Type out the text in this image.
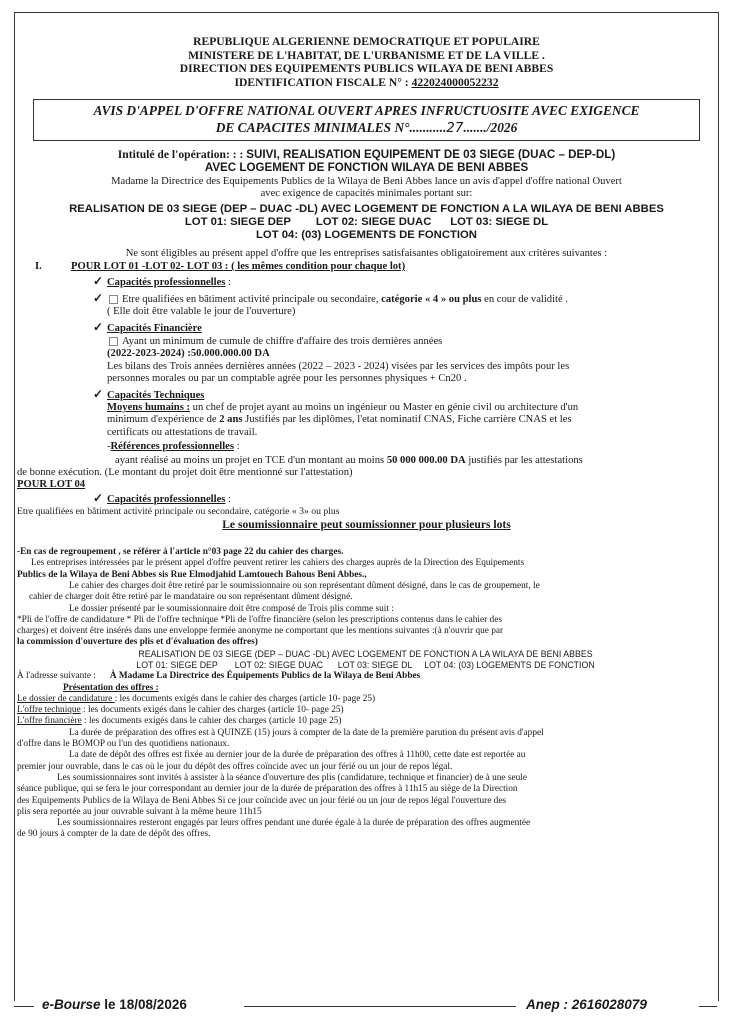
REPUBLIQUE ALGERIENNE DEMOCRATIQUE ET POPULAIRE
MINISTERE DE L'HABITAT, DE L'URBANISME ET DE LA VILLE .
DIRECTION DES EQUIPEMENTS PUBLICS WILAYA DE BENI ABBES
IDENTIFICATION FISCALE N° : 422024000052232
AVIS D'APPEL D'OFFRE NATIONAL OUVERT APRES INFRUCTUOSITE AVEC EXIGENCE
DE CAPACITES MINIMALES N°...........27......./2026
Intitulé de l'opération: : : SUIVI, REALISATION EQUIPEMENT DE 03 SIEGE (DUAC – DEP-DL)
AVEC LOGEMENT DE FONCTION WILAYA DE BENI ABBES
Madame la Directrice des Equipements Publics de la Wilaya de Beni Abbes lance un avis d'appel d'offre national Ouvert
avec exigence de capacités minimales portant sur:
REALISATION DE 03 SIEGE (DEP – DUAC -DL) AVEC LOGEMENT DE FONCTION A LA WILAYA DE BENI ABBES
LOT 01: SIEGE DEP        LOT 02: SIEGE DUAC      LOT 03: SIEGE DL
LOT 04: (03) LOGEMENTS DE FONCTION
Ne sont éligibles au présent appel d'offre que les entreprises satisfaisantes obligatoirement aux critères suivantes :
I.	POUR LOT 01 -LOT 02- LOT 03 : ( les mêmes condition pour chaque lot)
✓ Capacités professionnelles :
✓ Etre qualifiées en bâtiment activité principale ou secondaire, catégorie « 4 » ou plus en cour de validité .
( Elle doit être valable le jour de l'ouverture)
✓ Capacités Financière
Ayant un minimum de cumule de chiffre d'affaire des trois dernières années
(2022-2023-2024) :50.000.000.00 DA
Les bilans des Trois années dernières années (2022 – 2023 - 2024) visées par les services des impôts pour les
personnes morales ou par un comptable agrée pour les personnes physiques + Cn20 .
✓ Capacités Techniques
Moyens humains : un chef de projet ayant au moins un ingénieur ou Master en génie civil ou architecture d'un
minimum d'expérience de 2 ans Justifiés par les diplômes, l'etat nominatif CNAS, Fiche carrière CNAS et les
certificats ou attestations de travail.
-Références professionnelles :
ayant réalisé au moins un projet en TCE d'un montant au moins 50 000 000.00 DA justifiés par les attestations
de bonne exécution. (Le montant du projet doit être mentionné sur l'attestation)
POUR LOT 04
✓ Capacités professionnelles :
Etre qualifiées en bâtiment activité principale ou secondaire, catégorie « 3» ou plus
Le soumissionnaire peut soumissionner pour plusieurs lots
-En cas de regroupement , se référer à l'article n°03 page 22 du cahier des charges.
Les entreprises intéressées par le présent appel d'offre peuvent retirer les cahiers des charges auprès de la Direction des Equipements
Publics de la Wilaya de Beni Abbes sis Rue Elmodjahid Lamtouech Bahous Beni Abbes.,
Le cahier des charges doit être retiré par le soumissionnaire ou son représentant dûment désigné, dans le cas de groupement, le
cahier de charger doit être retiré par le mandataire ou son représentant dûment désigné.
Le dossier présenté par le soumissionnaire doit être composé de Trois plis comme suit :
*Pli de l'offre de candidature * Pli de l'offre technique *Pli de l'offre financière (selon les prescriptions contenus dans le cahier des
charges) et doivent être insérés dans une enveloppe fermée anonyme ne comportant que les mentions suivantes :(à n'ouvrir que par
la commission d'ouverture des plis et d'évaluation des offres)
REALISATION DE 03 SIEGE (DEP – DUAC -DL) AVEC LOGEMENT DE FONCTION A LA WILAYA DE BENI ABBES
LOT 01: SIEGE DEP       LOT 02: SIEGE DUAC      LOT 03: SIEGE DL     LOT 04: (03) LOGEMENTS DE FONCTION
À l'adresse suivante : À Madame La Directrice des Équipements Publics de la Wilaya de Beni Abbes
Présentation des offres :
Le dossier de candidature : les documents exigés dans le cahier des charges (article 10- page 25)
L'offre technique : les documents exigés dans le cahier des charges (article 10- page 25)
L'offre financière : les documents exigés dans le cahier des charges (article 10 page 25)
La durée de préparation des offres est à QUINZE (15) jours à compter de la date de la première parution du présent avis d'appel
d'offre dans le BOMOP ou l'un des quotidiens nationaux.
La date de dépôt des offres est fixée au dernier jour de la durée de préparation des offres à 11h00, cette date est reportée au
premier jour ouvrable, dans le cas où le jour du dépôt des offres coïncide avec un jour férié ou un jour de repos légal.
Les soumissionnaires sont invités à assister à la séance d'ouverture des plis (candidature, technique et financier) de à une seule
séance publique, qui se fera le jour correspondant au dernier jour de la durée de préparation des offres à 11h15 au siège de la Direction
des Equipements Publics de la Wilaya de Beni Abbes Si ce jour coïncide avec un jour férié ou un jour de repos légal l'ouverture des
plis sera reportée au jour ouvrable suivant à la même heure 11h15
Les soumissionnaires resteront engagés par leurs offres pendant une durée égale à la durée de préparation des offres augmentée
de 90 jours à compter de la date de dépôt des offres.
e-Bourse le 18/08/2026	Anep : 2616028079
